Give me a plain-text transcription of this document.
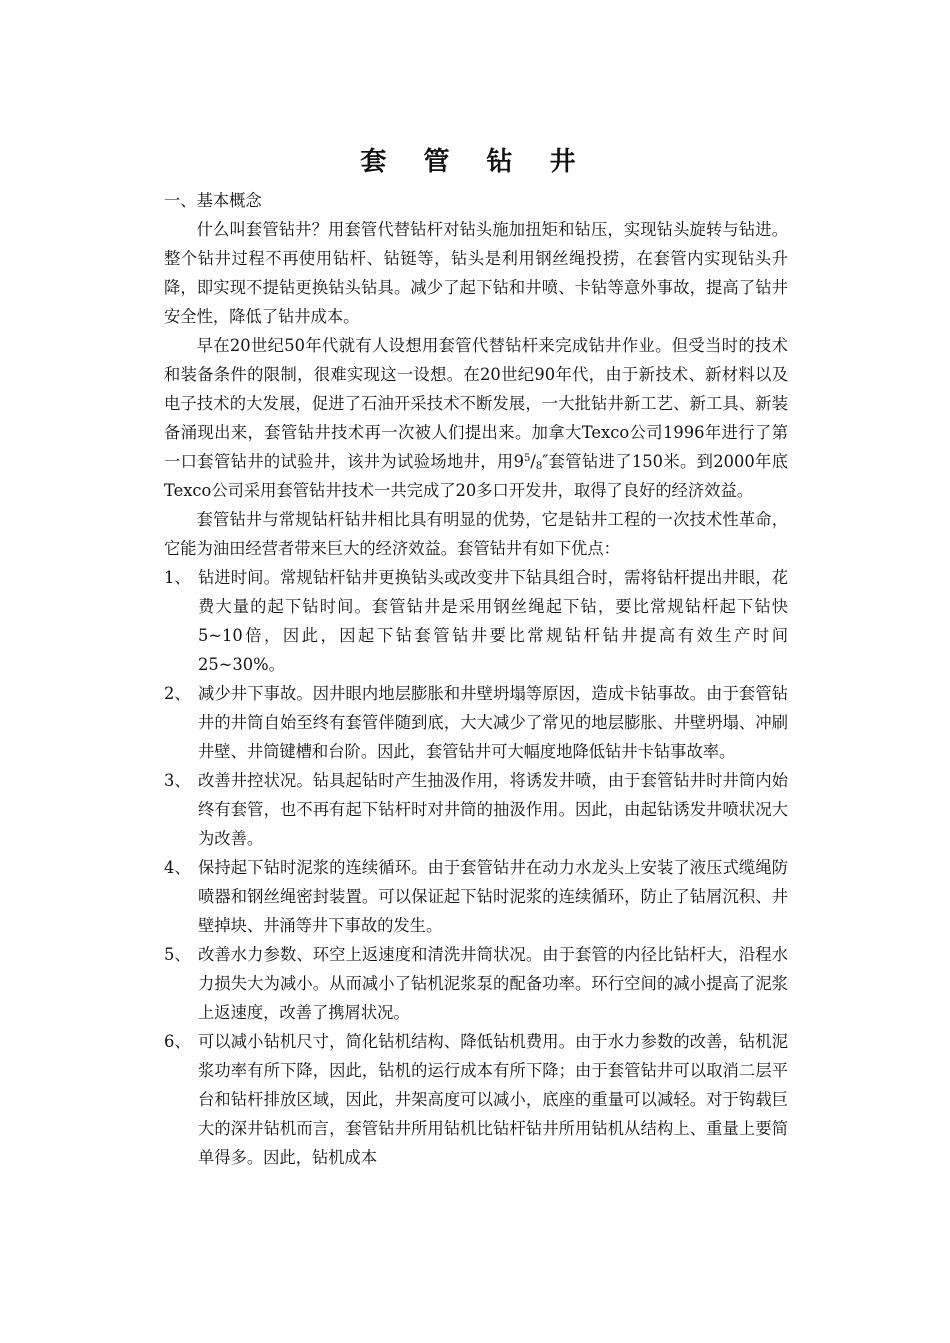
套 管 钻 井

一、基本概念

什么叫套管钻井？用套管代替钻杆对钻头施加扭矩和钻压，实现钻头旋转与钻进。整个钻井过程不再使用钻杆、钻铤等，钻头是利用钢丝绳投捞，在套管内实现钻头升降，即实现不提钻更换钻头钻具。减少了起下钻和井喷、卡钻等意外事故，提高了钻井安全性，降低了钻井成本。

早在20世纪50年代就有人设想用套管代替钻杆来完成钻井作业。但受当时的技术和装备条件的限制，很难实现这一设想。在20世纪90年代，由于新技术、新材料以及电子技术的大发展，促进了石油开采技术不断发展，一大批钻井新工艺、新工具、新装备涌现出来，套管钻井技术再一次被人们提出来。加拿大Texco公司1996年进行了第一口套管钻井的试验井，该井为试验场地井，用$9^5/_8''$套管钻进了150米。到2000年底Texco公司采用套管钻井技术一共完成了20多口开发井，取得了良好的经济效益。

套管钻井与常规钻杆钻井相比具有明显的优势，它是钻井工程的一次技术性革命，它能为油田经营者带来巨大的经济效益。套管钻井有如下优点：

1、 钻进时间。常规钻杆钻井更换钻头或改变井下钻具组合时，需将钻杆提出井眼，花费大量的起下钻时间。套管钻井是采用钢丝绳起下钻，要比常规钻杆起下钻快5~10倍，因此，因起下钻套管钻井要比常规钻杆钻井提高有效生产时间25~30%。
2、 减少井下事故。因井眼内地层膨胀和井壁坍塌等原因，造成卡钻事故。由于套管钻井的井筒自始至终有套管伴随到底，大大减少了常见的地层膨胀、井壁坍塌、冲刷井壁、井筒键槽和台阶。因此，套管钻井可大幅度地降低钻井卡钻事故率。
3、 改善井控状况。钻具起钻时产生抽汲作用，将诱发井喷，由于套管钻井时井筒内始终有套管，也不再有起下钻杆时对井筒的抽汲作用。因此，由起钻诱发井喷状况大为改善。
4、 保持起下钻时泥浆的连续循环。由于套管钻井在动力水龙头上安装了液压式缆绳防喷器和钢丝绳密封装置。可以保证起下钻时泥浆的连续循环，防止了钻屑沉积、井壁掉块、井涌等井下事故的发生。
5、 改善水力参数、环空上返速度和清洗井筒状况。由于套管的内径比钻杆大，沿程水力损失大为减小。从而减小了钻机泥浆泵的配备功率。环行空间的减小提高了泥浆上返速度，改善了携屑状况。
6、 可以减小钻机尺寸，简化钻机结构、降低钻机费用。由于水力参数的改善，钻机泥浆功率有所下降，因此，钻机的运行成本有所下降；由于套管钻井可以取消二层平台和钻杆排放区域，因此，井架高度可以减小，底座的重量可以减轻。对于钩载巨大的深井钻机而言，套管钻井所用钻机比钻杆钻井所用钻机从结构上、重量上要简单得多。因此，钻机成本
